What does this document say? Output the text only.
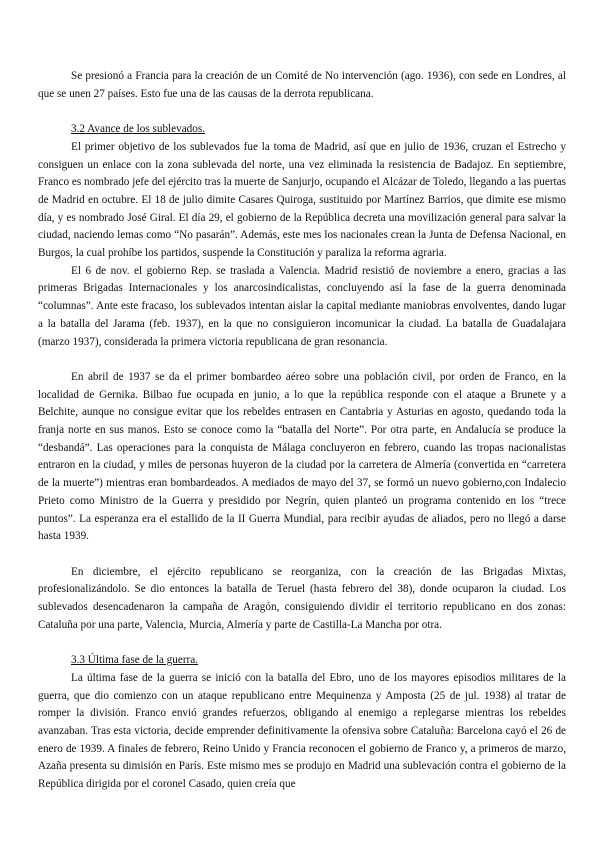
Se presionó a Francia para la creación de un Comité de No intervención (ago. 1936), con sede en Londres, al que se unen 27 países. Esto fue una de las causas de la derrota republicana.

3.2 Avance de los sublevados.

El primer objetivo de los sublevados fue la toma de Madrid, así que en julio de 1936, cruzan el Estrecho y consiguen un enlace con la zona sublevada del norte, una vez eliminada la resistencia de Badajoz. En septiembre, Franco es nombrado jefe del ejército tras la muerte de Sanjurjo, ocupando el Alcázar de Toledo, llegando a las puertas de Madrid en octubre. El 18 de julio dimite Casares Quiroga, sustituido por Martínez Barrios, que dimite ese mismo día, y es nombrado José Giral. El día 29, el gobierno de la República decreta una movilización general para salvar la ciudad, naciendo lemas como “No pasarán”. Además, este mes los nacionales crean la Junta de Defensa Nacional, en Burgos, la cual prohíbe los partidos, suspende la Constitución y paraliza la reforma agraria.

El 6 de nov. el gobierno Rep. se traslada a Valencia. Madrid resistió de noviembre a enero, gracias a las primeras Brigadas Internacionales y los anarcosindicalistas, concluyendo así la fase de la guerra denominada “columnas”. Ante este fracaso, los sublevados intentan aislar la capital mediante maniobras envolventes, dando lugar a la batalla del Jarama (feb. 1937), en la que no consiguieron incomunicar la ciudad. La batalla de Guadalajara (marzo 1937), considerada la primera victoria republicana de gran resonancia.

En abril de 1937 se da el primer bombardeo aéreo sobre una población civil, por orden de Franco, en la localidad de Gernika. Bilbao fue ocupada en junio, a lo que la república responde con el ataque a Brunete y a Belchite, aunque no consigue evitar que los rebeldes entrasen en Cantabria y Asturias en agosto, quedando toda la franja norte en sus manos. Esto se conoce como la “batalla del Norte”. Por otra parte, en Andalucía se produce la “desbandá”. Las operaciones para la conquista de Málaga concluyeron en febrero, cuando las tropas nacionalistas entraron en la ciudad, y miles de personas huyeron de la ciudad por la carretera de Almería (convertida en “carretera de la muerte”) mientras eran bombardeados. A mediados de mayo del 37, se formó un nuevo gobierno,con Indalecio Prieto como Ministro de la Guerra y presidido por Negrín, quien planteó un programa contenido en los “trece puntos”. La esperanza era el estallido de la II Guerra Mundial, para recibir ayudas de aliados, pero no llegó a darse hasta 1939.

En diciembre, el ejército republicano se reorganiza, con la creación de las Brigadas Mixtas, profesionalizándolo. Se dio entonces la batalla de Teruel (hasta febrero del 38), donde ocuparon la ciudad. Los sublevados desencadenaron la campaña de Aragón, consiguiendo dividir el territorio republicano en dos zonas: Cataluña por una parte, Valencia, Murcia, Almería y parte de Castilla-La Mancha por otra.

3.3 Última fase de la guerra.

La última fase de la guerra se inició con la batalla del Ebro, uno de los mayores episodios militares de la guerra, que dio comienzo con un ataque republicano entre Mequinenza y Amposta (25 de jul. 1938) al tratar de romper la división. Franco envió grandes refuerzos, obligando al enemigo a replegarse mientras los rebeldes avanzaban. Tras esta victoria, decide emprender definitivamente la ofensiva sobre Cataluña: Barcelona cayó el 26 de enero de 1939. A finales de febrero, Reino Unido y Francia reconocen el gobierno de Franco y, a primeros de marzo, Azaña presenta su dimisión en París. Este mismo mes se produjo en Madrid una sublevación contra el gobierno de la República dirigida por el coronel Casado, quien creía que
